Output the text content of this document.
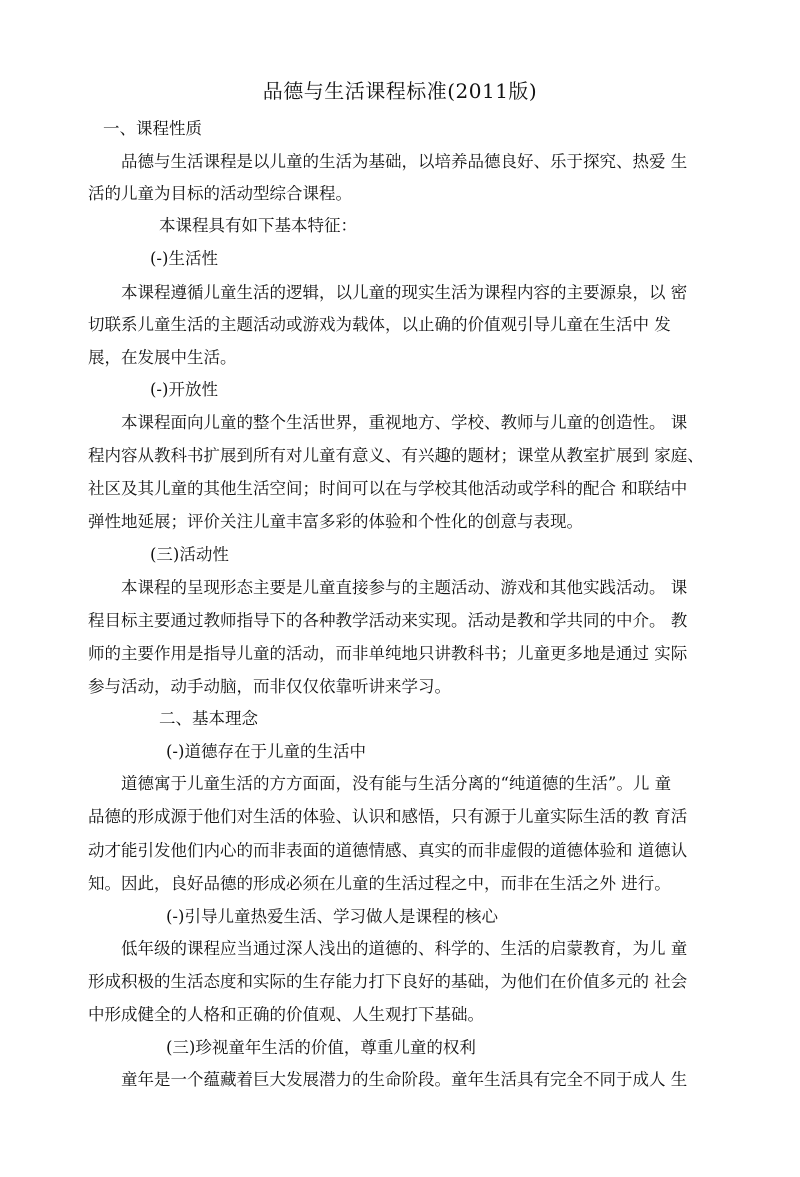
品德与生活课程标准(2011版)
一、课程性质
品德与生活课程是以儿童的生活为基础，以培养品德良好、乐于探究、热爱 生
活的儿童为目标的活动型综合课程。
本课程具有如下基本特征：
(-)生活性
本课程遵循儿童生活的逻辑，以儿童的现实生活为课程内容的主要源泉，以 密
切联系儿童生活的主题活动或游戏为载体，以止确的价值观引导儿童在生活中 发
展，在发展中生活。
(-)开放性
本课程面向儿童的整个生活世界，重视地方、学校、教师与儿童的创造性。 课
程内容从教科书扩展到所有对儿童有意义、有兴趣的题材；课堂从教室扩展到 家庭、
社区及其儿童的其他生活空间；时间可以在与学校其他活动或学科的配合 和联结中
弹性地延展；评价关注儿童丰富多彩的体验和个性化的创意与表现。
(三)活动性
本课程的呈现形态主要是儿童直接参与的主题活动、游戏和其他实践活动。 课
程目标主要通过教师指导下的各种教学活动来实现。活动是教和学共同的中介。 教
师的主要作用是指导儿童的活动，而非单纯地只讲教科书；儿童更多地是通过 实际
参与活动，动手动脑，而非仅仅依靠听讲来学习。
二、基本理念
(-)道德存在于儿童的生活中
道德寓于儿童生活的方方面面，没有能与生活分离的“纯道德的生活”。儿 童
品德的形成源于他们对生活的体验、认识和感悟，只有源于儿童实际生活的教 育活
动才能引发他们内心的而非表面的道德情感、真实的而非虚假的道德体验和 道德认
知。因此，良好品德的形成必须在儿童的生活过程之中，而非在生活之外 进行。
(-)引导儿童热爱生活、学习做人是课程的核心
低年级的课程应当通过深人浅出的道德的、科学的、生活的启蒙教育，为儿 童
形成积极的生活态度和实际的生存能力打下良好的基础，为他们在价值多元的 社会
中形成健全的人格和正确的价值观、人生观打下基础。
(三)珍视童年生活的价值，尊重儿童的权利
童年是一个蕴藏着巨大发展潜力的生命阶段。童年生活具有完全不同于成人 生
